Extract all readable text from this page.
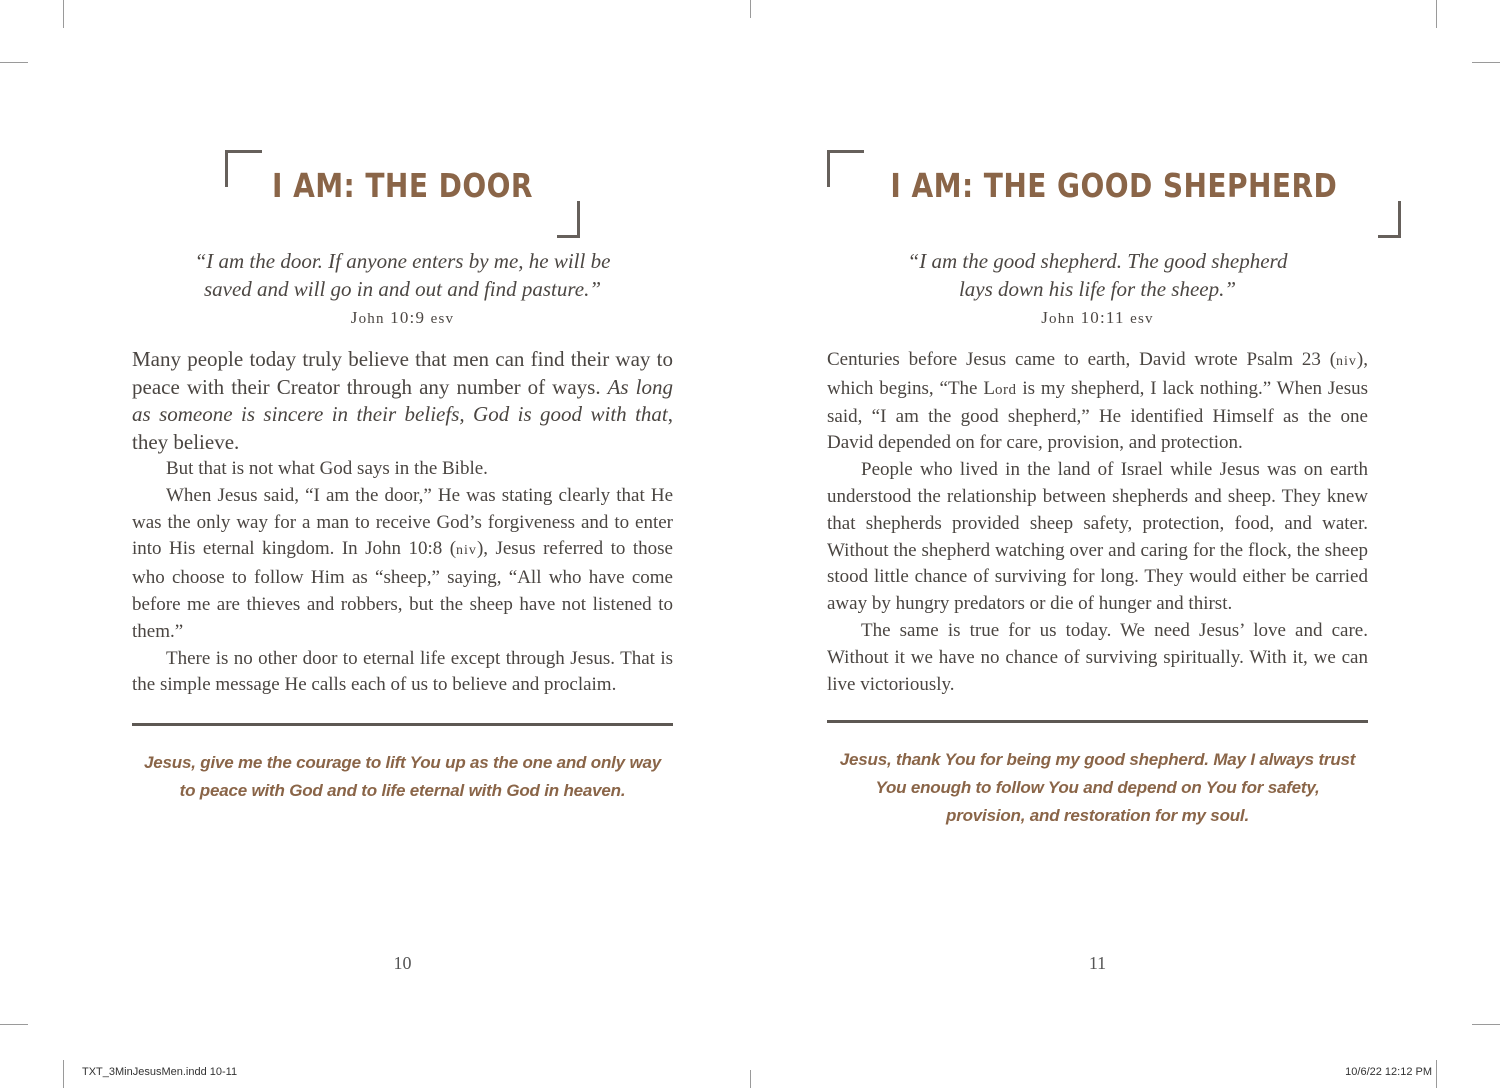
I AM: THE DOOR
“I am the door. If anyone enters by me, he will be saved and will go in and out and find pasture.”
John 10:9 esv

Many people today truly believe that men can find their way to peace with their Creator through any number of ways. As long as someone is sincere in their beliefs, God is good with that, they believe.

But that is not what God says in the Bible.

When Jesus said, “I am the door,” He was stating clearly that He was the only way for a man to receive God’s forgiveness and to enter into His eternal kingdom. In John 10:8 (niv), Jesus referred to those who choose to follow Him as “sheep,” saying, “All who have come before me are thieves and robbers, but the sheep have not listened to them.”

There is no other door to eternal life except through Jesus. That is the simple message He calls each of us to believe and proclaim.

Jesus, give me the courage to lift You up as the one and only way to peace with God and to life eternal with God in heaven.
10
I AM: THE GOOD SHEPHERD
“I am the good shepherd. The good shepherd lays down his life for the sheep.”
John 10:11 esv

Centuries before Jesus came to earth, David wrote Psalm 23 (niv), which begins, “The Lord is my shepherd, I lack nothing.” When Jesus said, “I am the good shepherd,” He identified Himself as the one David depended on for care, provision, and protection.

People who lived in the land of Israel while Jesus was on earth understood the relationship between shepherds and sheep. They knew that shepherds provided sheep safety, protection, food, and water. Without the shepherd watching over and caring for the flock, the sheep stood little chance of surviving for long. They would either be carried away by hungry predators or die of hunger and thirst.

The same is true for us today. We need Jesus’ love and care. Without it we have no chance of surviving spiritually. With it, we can live victoriously.

Jesus, thank You for being my good shepherd. May I always trust You enough to follow You and depend on You for safety, provision, and restoration for my soul.
11
TXT_3MinJesusMen.indd 10-11	10/6/22 12:12 PM
